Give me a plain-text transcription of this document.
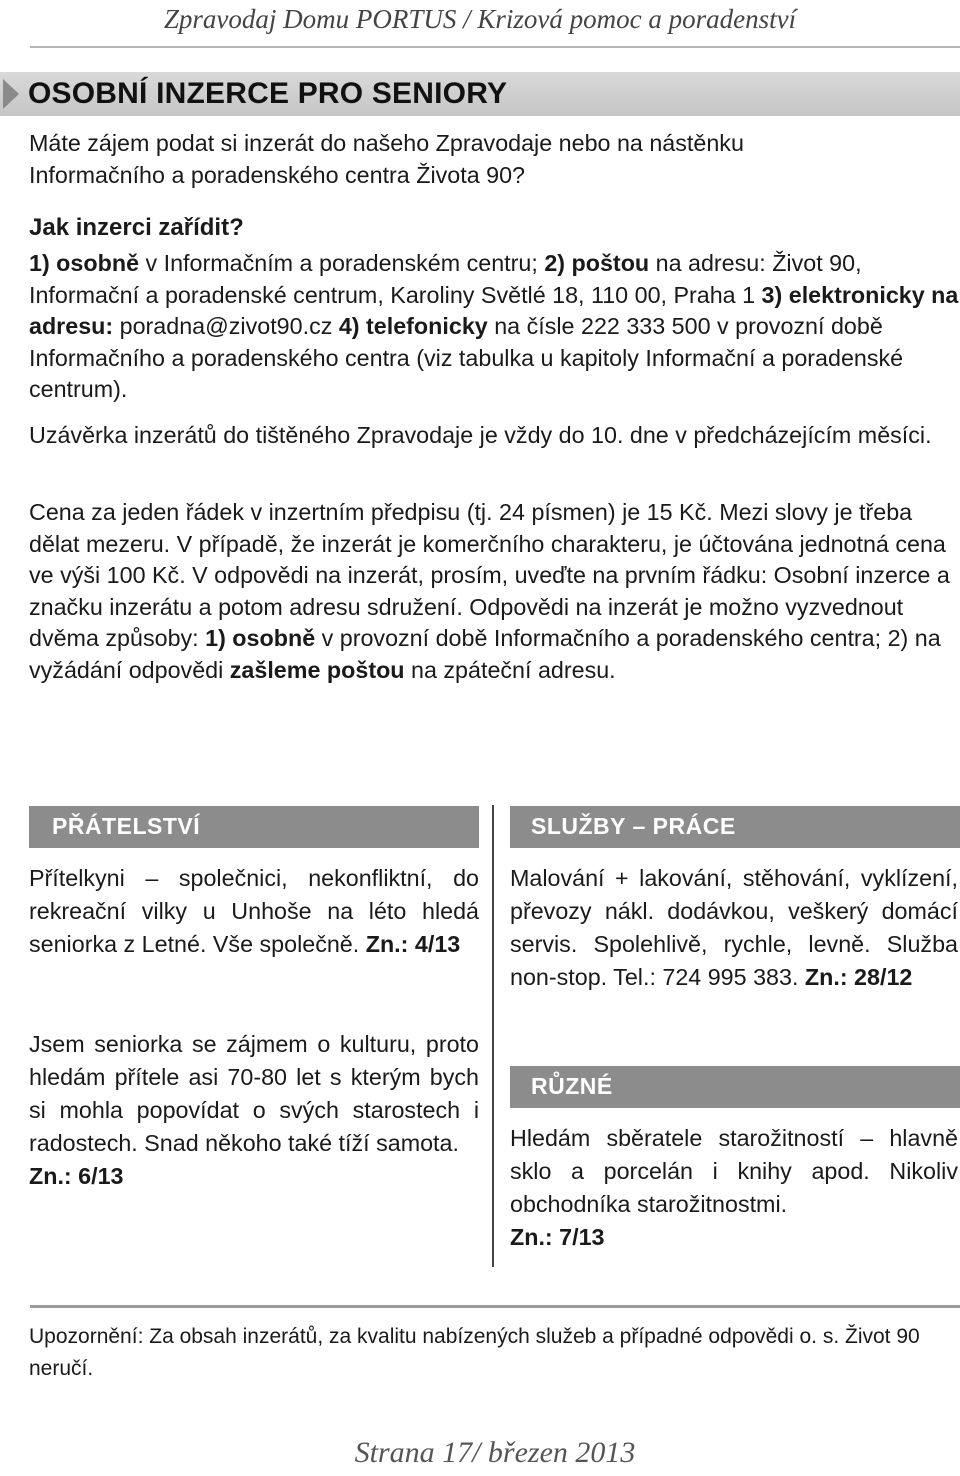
Zpravodaj Domu PORTUS / Krizová pomoc a poradenství
OSOBNÍ INZERCE PRO SENIORY

Máte zájem podat si inzerát do našeho Zpravodaje nebo na nástěnku

Informačního a poradenského centra Života 90?

Jak inzerci zařídit?

1) osobně v Informačním a poradenském centru; 2) poštou na adresu: Život 90, Informační a poradenské centrum, Karoliny Světlé 18, 110 00, Praha 1 3) elektronicky na adresu: poradna@zivot90.cz 4) telefonicky na čísle 222 333 500 v provozní době Informačního a poradenského centra (viz tabulka u kapitoly Informační a poradenské centrum).

Uzávěrka inzerátů do tištěného Zpravodaje je vždy do 10. dne v předcházejícím měsíci.

Cena za jeden řádek v inzertním předpisu (tj. 24 písmen) je 15 Kč. Mezi slovy je třeba dělat mezeru. V případě, že inzerát je komerčního charakteru, je účtována jednotná cena ve výši 100 Kč. V odpovědi na inzerát, prosím, uveďte na prvním řádku: Osobní inzerce a značku inzerátu a potom adresu sdružení. Odpovědi na inzerát je možno vyzvednout dvěma způsoby: 1) osobně v provozní době Informačního a poradenského centra; 2) na vyžádání odpovědi zašleme poštou na zpáteční adresu.

PŘÁTELSTVÍ

Přítelkyni – společnici, nekonfliktní, do rekreační vilky u Unhoše na léto hledá seniorka z Letné. Vše společně. Zn.: 4/13

Jsem seniorka se zájmem o kulturu, proto hledám přítele asi 70-80 let s kterým bych si mohla popovídat o svých starostech i radostech. Snad někoho také tíží samota.
Zn.: 6/13

SLUŽBY – PRÁCE

Malování + lakování, stěhování, vyklízení, převozy nákl. dodávkou, veškerý domácí servis. Spolehlivě, rychle, levně. Služba non-stop. Tel.: 724 995 383. Zn.: 28/12

RŮZNÉ

Hledám sběratele starožitností – hlavně sklo a porcelán i knihy apod. Nikoliv obchodníka starožitnostmi.
Zn.: 7/13

Upozornění: Za obsah inzerátů, za kvalitu nabízených služeb a případné odpovědi o. s. Život 90 neručí.

Strana 17/ březen 2013
